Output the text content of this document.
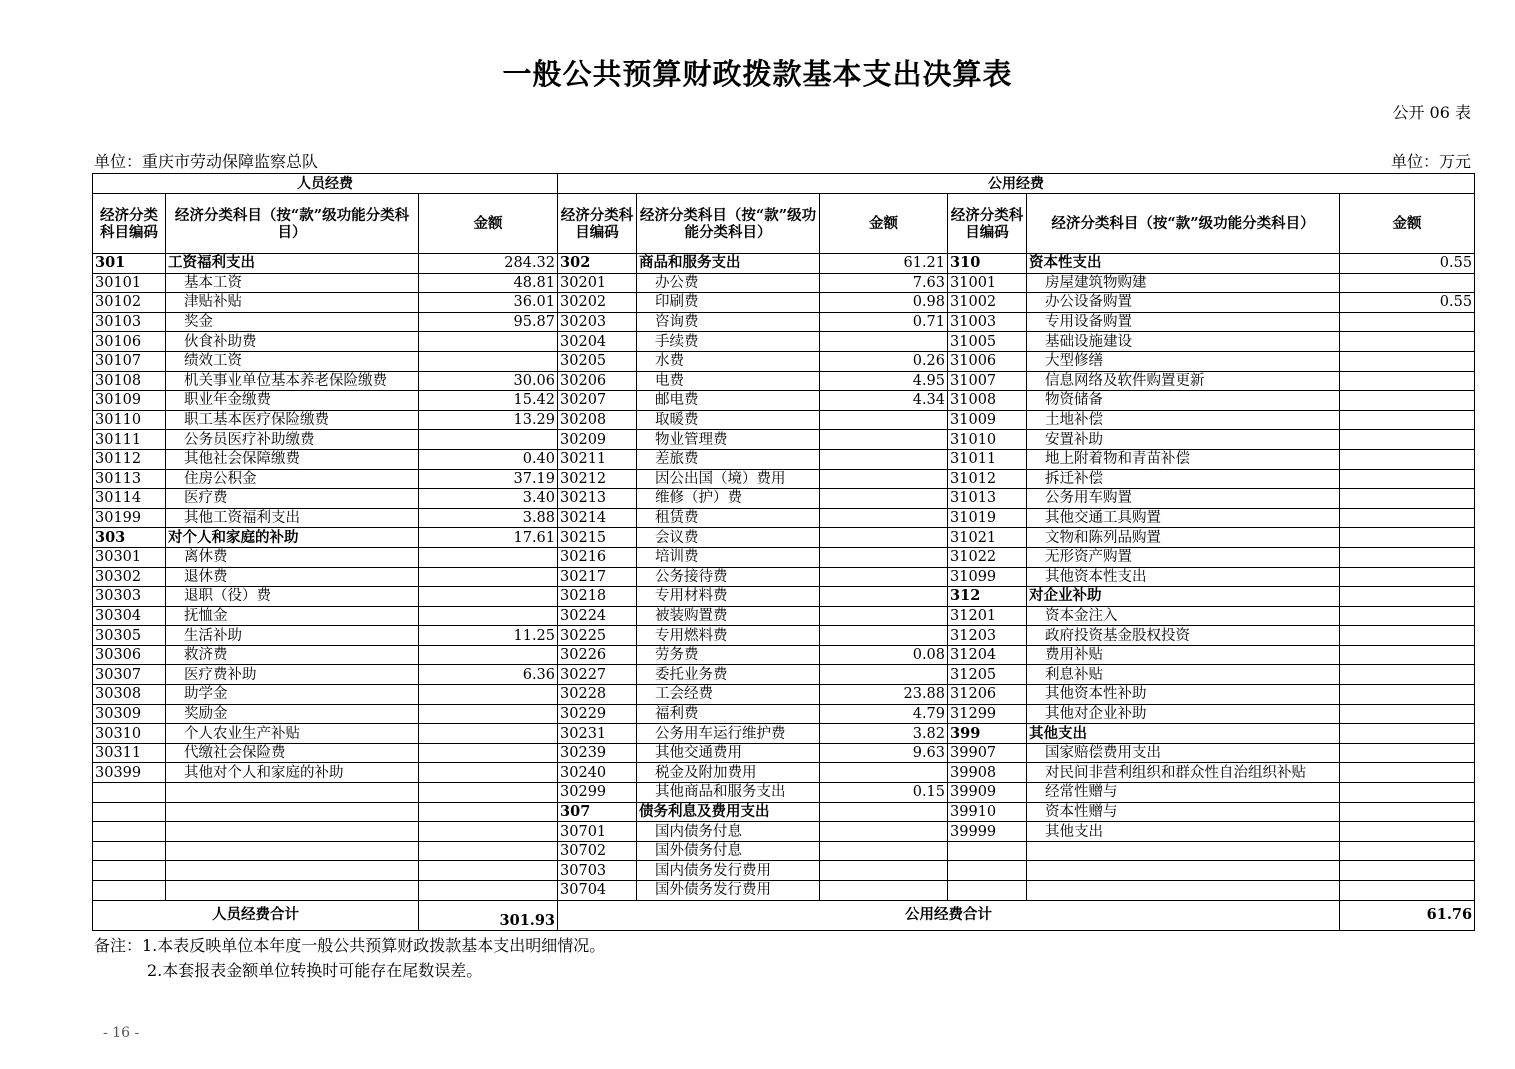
一般公共预算财政拨款基本支出决算表
公开 06 表
单位：重庆市劳动保障监察总队	单位：万元
人员经费			公用经费					
经济分类科目编码	经济分类科目（按“款”级功能分类科目）	金额	经济分类科目编码	经济分类科目（按“款”级功能分类科目）	金额	经济分类科目编码	经济分类科目（按“款”级功能分类科目）	金额
301	工资福利支出	284.32	302	商品和服务支出	61.21	310	资本性支出	0.55
30101	基本工资	48.81	30201	办公费	7.63	31001	房屋建筑物购建	
30102	津贴补贴	36.01	30202	印刷费	0.98	31002	办公设备购置	0.55
30103	奖金	95.87	30203	咨询费	0.71	31003	专用设备购置	
30106	伙食补助费		30204	手续费		31005	基础设施建设	
30107	绩效工资		30205	水费	0.26	31006	大型修缮	
30108	机关事业单位基本养老保险缴费	30.06	30206	电费	4.95	31007	信息网络及软件购置更新	
30109	职业年金缴费	15.42	30207	邮电费	4.34	31008	物资储备	
30110	职工基本医疗保险缴费	13.29	30208	取暖费		31009	土地补偿	
30111	公务员医疗补助缴费		30209	物业管理费		31010	安置补助	
30112	其他社会保障缴费	0.40	30211	差旅费		31011	地上附着物和青苗补偿	
30113	住房公积金	37.19	30212	因公出国（境）费用		31012	拆迁补偿	
30114	医疗费	3.40	30213	维修（护）费		31013	公务用车购置	
30199	其他工资福利支出	3.88	30214	租赁费		31019	其他交通工具购置	
303	对个人和家庭的补助	17.61	30215	会议费		31021	文物和陈列品购置	
30301	离休费		30216	培训费		31022	无形资产购置	
30302	退休费		30217	公务接待费		31099	其他资本性支出	
30303	退职（役）费		30218	专用材料费		312	对企业补助	
30304	抚恤金		30224	被装购置费		31201	资本金注入	
30305	生活补助	11.25	30225	专用燃料费		31203	政府投资基金股权投资	
30306	救济费		30226	劳务费	0.08	31204	费用补贴	
30307	医疗费补助	6.36	30227	委托业务费		31205	利息补贴	
30308	助学金		30228	工会经费	23.88	31206	其他资本性补助	
30309	奖励金		30229	福利费	4.79	31299	其他对企业补助	
30310	个人农业生产补贴		30231	公务用车运行维护费	3.82	399	其他支出	
30311	代缴社会保险费		30239	其他交通费用	9.63	39907	国家赔偿费用支出	
30399	其他对个人和家庭的补助		30240	税金及附加费用		39908	对民间非营利组织和群众性自治组织补贴	
			30299	其他商品和服务支出	0.15	39909	经常性赠与	
			307	债务利息及费用支出		39910	资本性赠与	
			30701	国内债务付息		39999	其他支出	
			30702	国外债务付息				
			30703	国内债务发行费用				
			30704	国外债务发行费用				
人员经费合计		301.93	公用经费合计					61.76
备注：1.本表反映单位本年度一般公共预算财政拨款基本支出明细情况。
2.本套报表金额单位转换时可能存在尾数误差。
- 16 -
